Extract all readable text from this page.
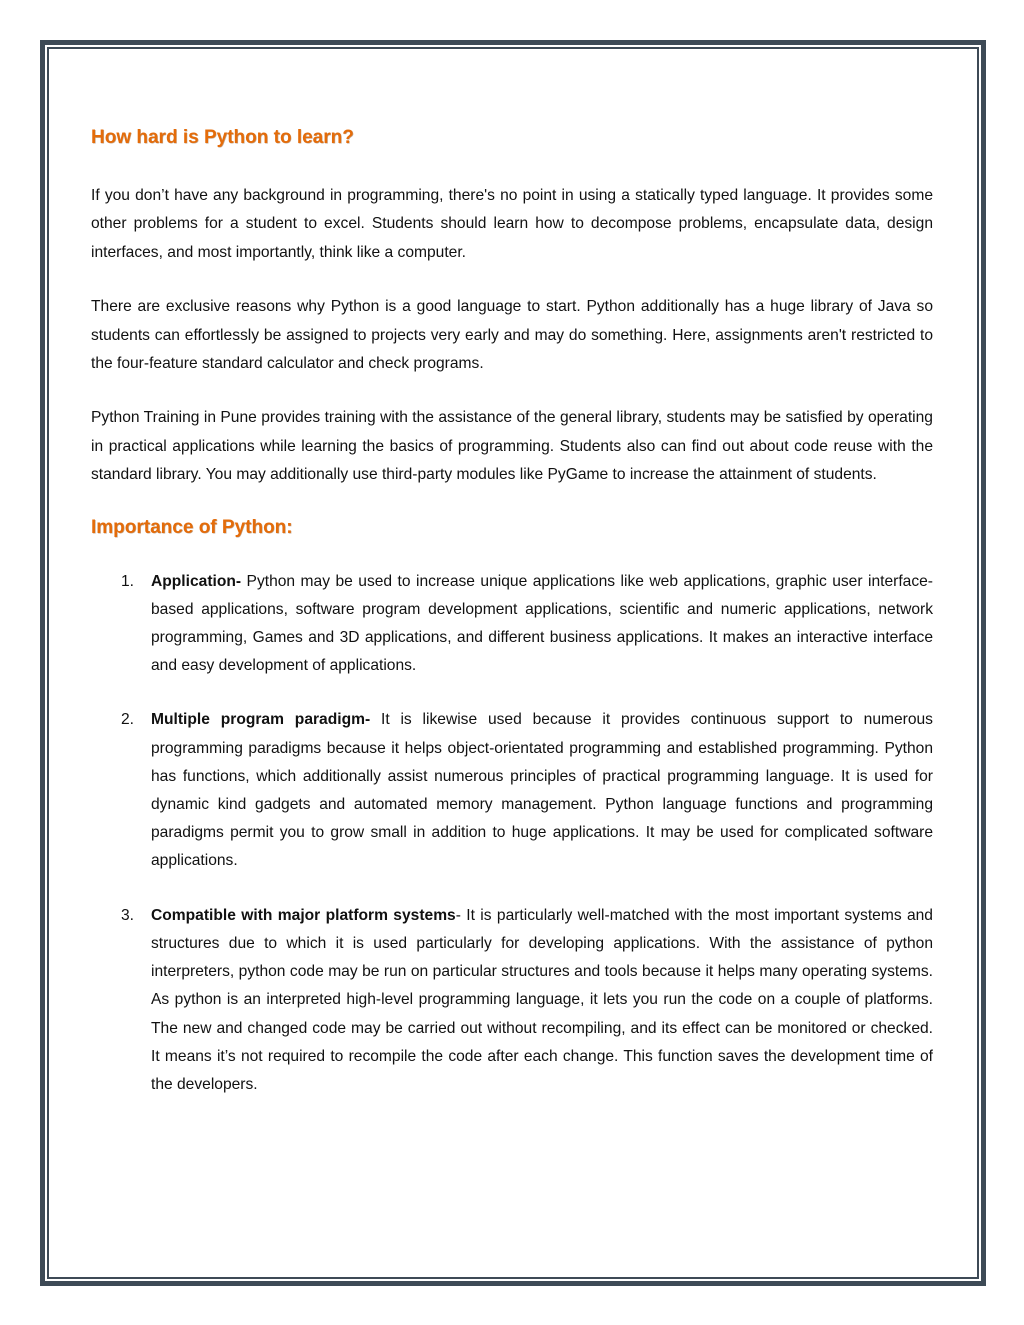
How hard is Python to learn?

If you don’t have any background in programming, there's no point in using a statically typed language. It provides some other problems for a student to excel. Students should learn how to decompose problems, encapsulate data, design interfaces, and most importantly, think like a computer.

There are exclusive reasons why Python is a good language to start. Python additionally has a huge library of Java so students can effortlessly be assigned to projects very early and may do something. Here, assignments aren't restricted to the four-feature standard calculator and check programs.

Python Training in Pune provides training with the assistance of the general library, students may be satisfied by operating in practical applications while learning the basics of programming. Students also can find out about code reuse with the standard library. You may additionally use third-party modules like PyGame to increase the attainment of students.

Importance of Python:
1. Application- Python may be used to increase unique applications like web applications, graphic user interface-based applications, software program development applications, scientific and numeric applications, network programming, Games and 3D applications, and different business applications. It makes an interactive interface and easy development of applications.
2. Multiple program paradigm- It is likewise used because it provides continuous support to numerous programming paradigms because it helps object-orientated programming and established programming. Python has functions, which additionally assist numerous principles of practical programming language. It is used for dynamic kind gadgets and automated memory management. Python language functions and programming paradigms permit you to grow small in addition to huge applications. It may be used for complicated software applications.
3. Compatible with major platform systems- It is particularly well-matched with the most important systems and structures due to which it is used particularly for developing applications. With the assistance of python interpreters, python code may be run on particular structures and tools because it helps many operating systems. As python is an interpreted high-level programming language, it lets you run the code on a couple of platforms. The new and changed code may be carried out without recompiling, and its effect can be monitored or checked. It means it’s not required to recompile the code after each change. This function saves the development time of the developers.
